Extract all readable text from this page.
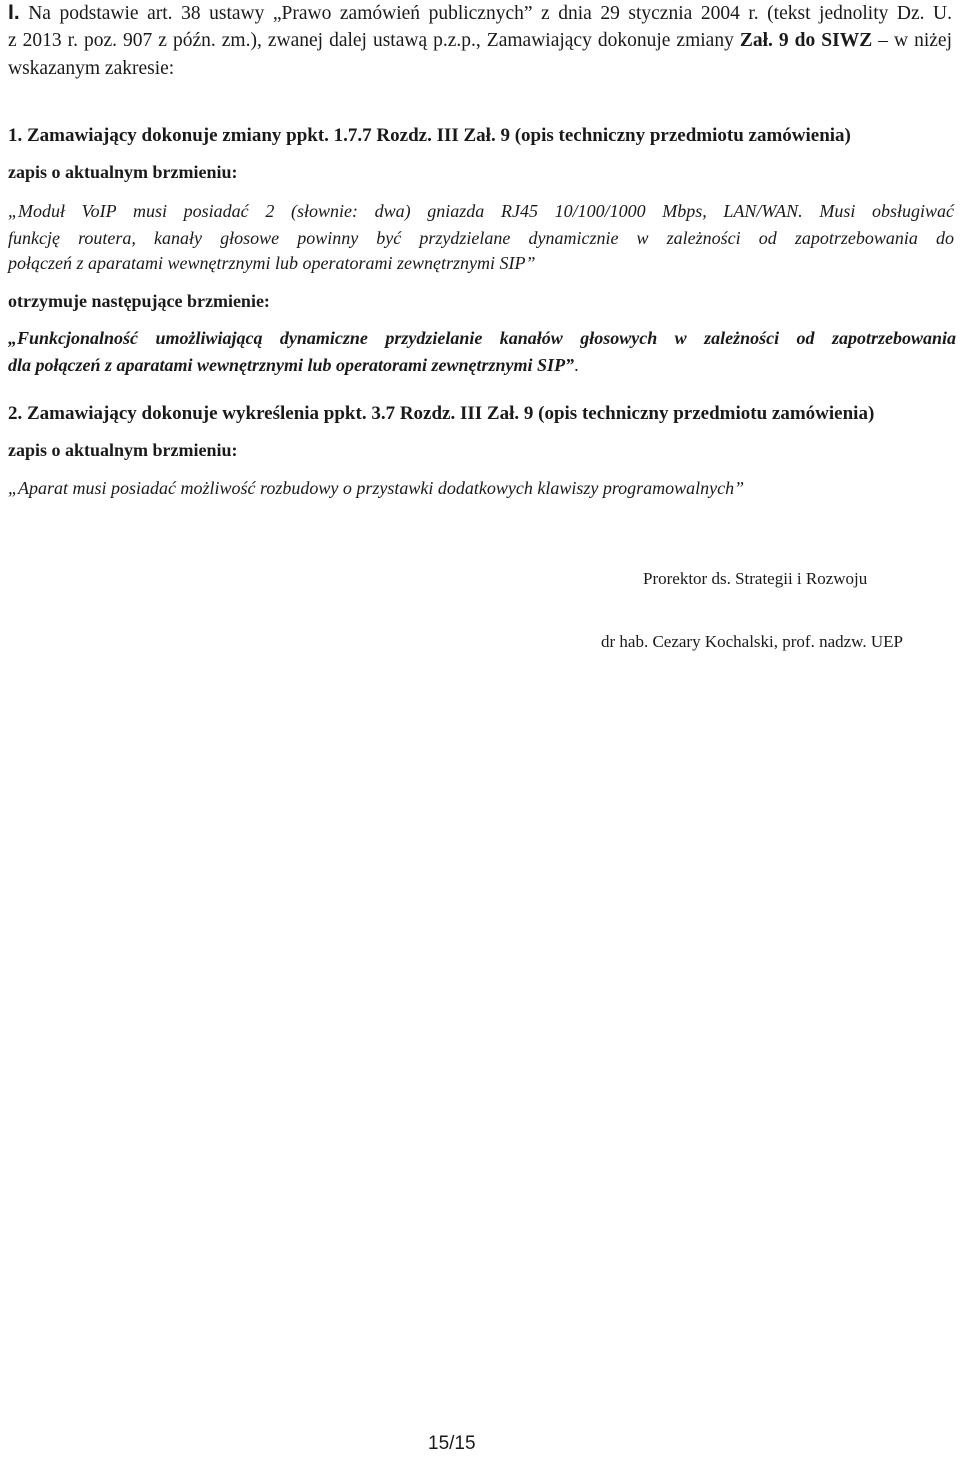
I. Na podstawie art. 38 ustawy „Prawo zamówień publicznych” z dnia 29 stycznia 2004 r. (tekst jednolity Dz. U.
z 2013 r. poz. 907 z późn. zm.), zwanej dalej ustawą p.z.p., Zamawiający dokonuje zmiany Zał. 9 do SIWZ – w niżej
wskazanym zakresie:
1. Zamawiający dokonuje zmiany ppkt. 1.7.7 Rozdz. III Zał. 9 (opis techniczny przedmiotu zamówienia)
zapis o aktualnym brzmieniu:
„Moduł VoIP musi posiadać 2 (słownie: dwa) gniazda RJ45 10/100/1000 Mbps, LAN/WAN. Musi obsługiwać
funkcję routera, kanały głosowe powinny być przydzielane dynamicznie w zależności od zapotrzebowania do
połączeń z aparatami wewnętrznymi lub operatorami zewnętrznymi SIP”
otrzymuje następujące brzmienie:
„Funkcjonalność umożliwiającą dynamiczne przydzielanie kanałów głosowych w zależności od zapotrzebowania
dla połączeń z aparatami wewnętrznymi lub operatorami zewnętrznymi SIP”.
2. Zamawiający dokonuje wykreślenia ppkt. 3.7 Rozdz. III Zał. 9 (opis techniczny przedmiotu zamówienia)
zapis o aktualnym brzmieniu:
„Aparat musi posiadać możliwość rozbudowy o przystawki dodatkowych klawiszy programowalnych”
Prorektor ds. Strategii i Rozwoju
dr hab. Cezary Kochalski, prof. nadzw. UEP
15/15
